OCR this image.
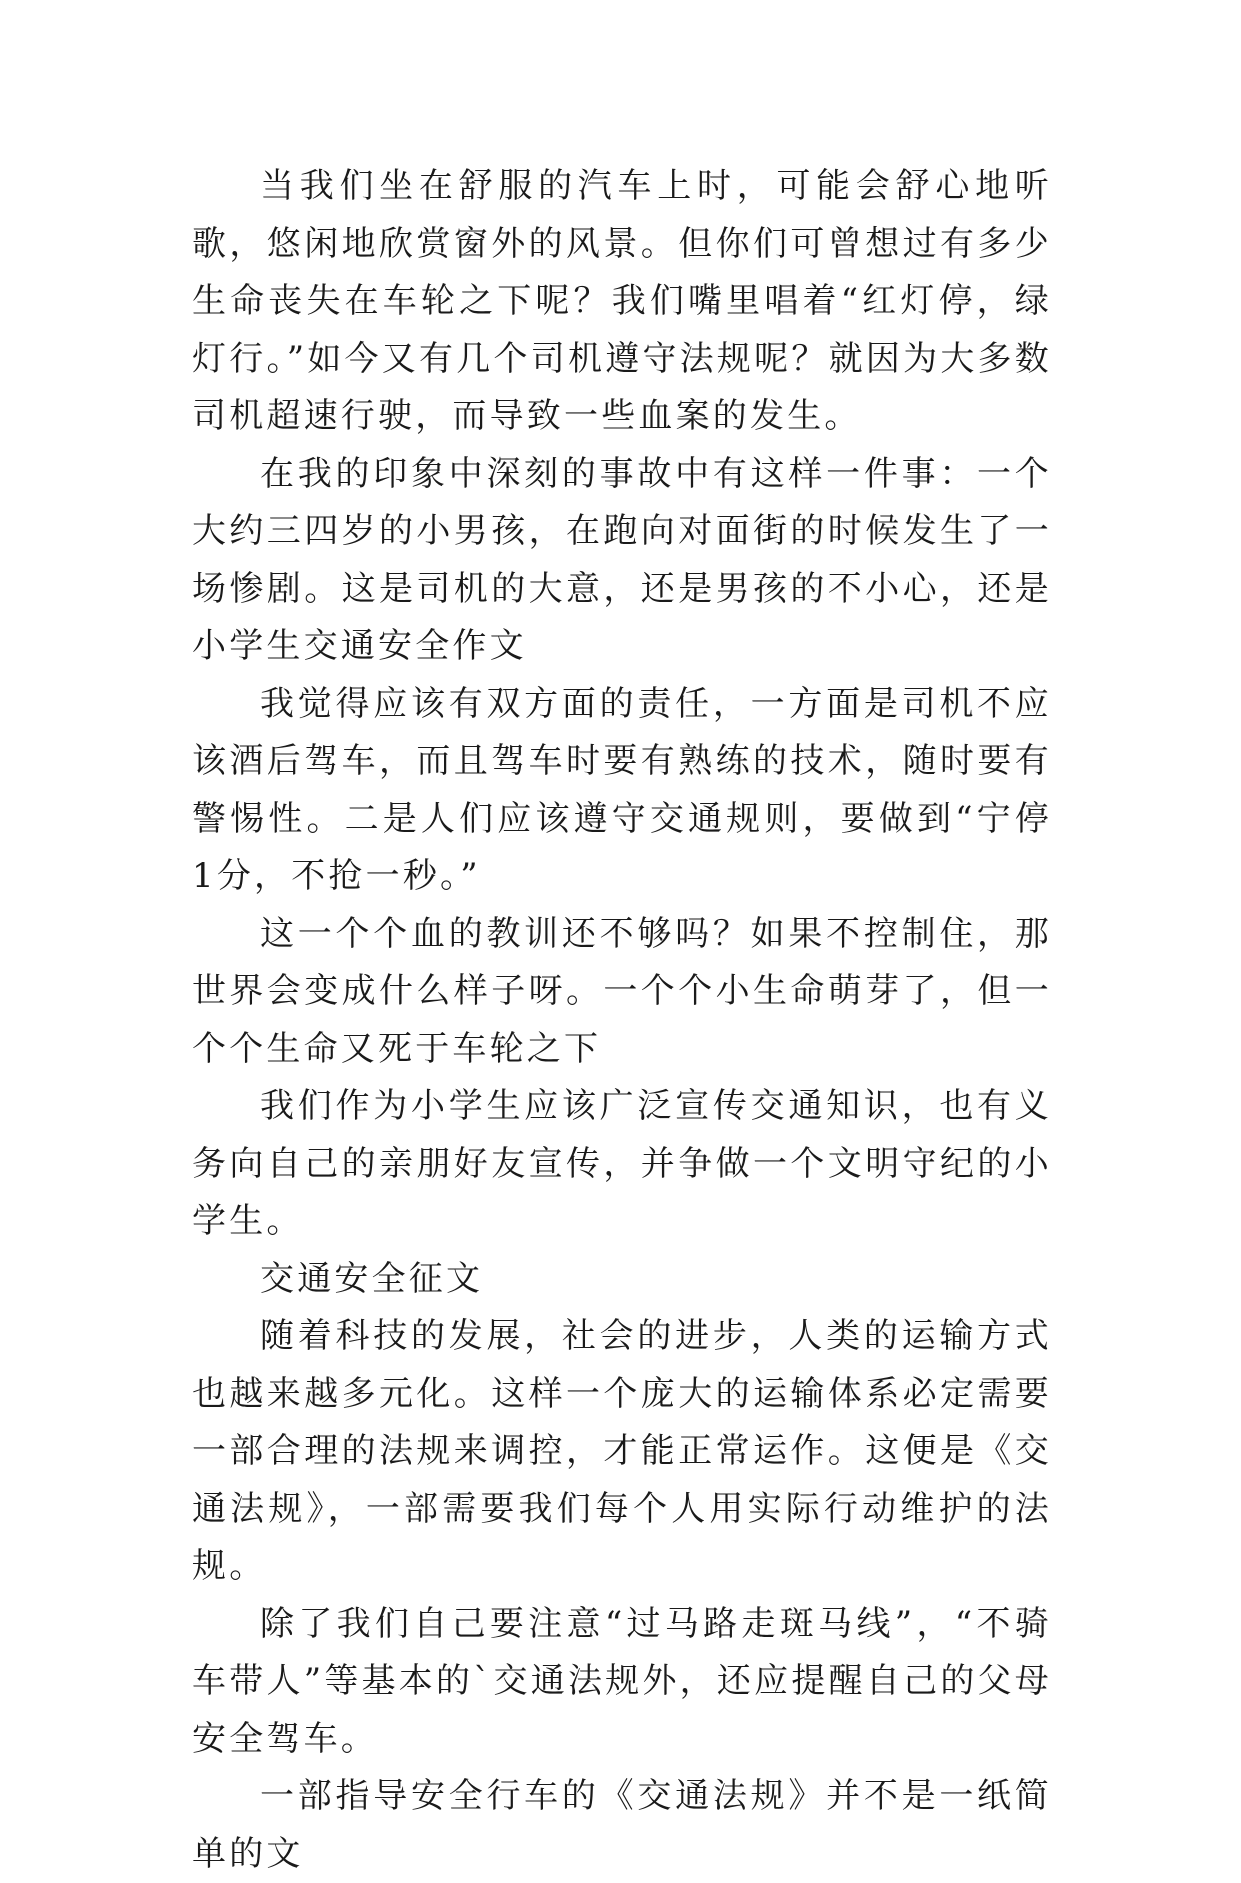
当我们坐在舒服的汽车上时，可能会舒心地听歌，悠闲地欣赏窗外的风景。但你们可曾想过有多少生命丧失在车轮之下呢？我们嘴里唱着“红灯停，绿灯行。”如今又有几个司机遵守法规呢？就因为大多数司机超速行驶，而导致一些血案的发生。

在我的印象中深刻的事故中有这样一件事：一个大约三四岁的小男孩，在跑向对面街的时候发生了一场惨剧。这是司机的大意，还是男孩的不小心，还是小学生交通安全作文

我觉得应该有双方面的责任，一方面是司机不应该酒后驾车，而且驾车时要有熟练的技术，随时要有警惕性。二是人们应该遵守交通规则，要做到“宁停1分，不抢一秒。”

这一个个血的教训还不够吗？如果不控制住，那世界会变成什么样子呀。一个个小生命萌芽了，但一个个生命又死于车轮之下

我们作为小学生应该广泛宣传交通知识，也有义务向自己的亲朋好友宣传，并争做一个文明守纪的小学生。

交通安全征文

随着科技的发展，社会的进步，人类的运输方式也越来越多元化。这样一个庞大的运输体系必定需要一部合理的法规来调控，才能正常运作。这便是《交通法规》，一部需要我们每个人用实际行动维护的法规。

除了我们自己要注意“过马路走斑马线”，“不骑车带人”等基本的`交通法规外，还应提醒自己的父母安全驾车。

一部指导安全行车的《交通法规》并不是一纸简单的文
